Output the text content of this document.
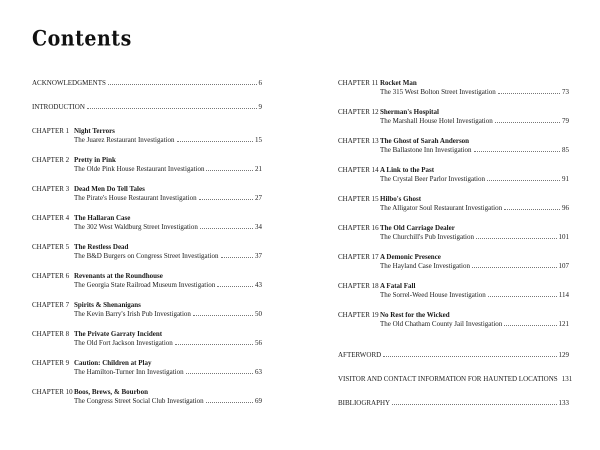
Contents
ACKNOWLEDGMENTS	6
INTRODUCTION	9
CHAPTER 1 Night Terrors
The Juarez Restaurant Investigation	15
CHAPTER 2 Pretty in Pink
The Olde Pink House Restaurant Investigation	21
CHAPTER 3 Dead Men Do Tell Tales
The Pirate's House Restaurant Investigation	27
CHAPTER 4 The Hallaran Case
The 302 West Waldburg Street Investigation	34
CHAPTER 5 The Restless Dead
The B&D Burgers on Congress Street Investigation	37
CHAPTER 6 Revenants at the Roundhouse
The Georgia State Railroad Museum Investigation	43
CHAPTER 7 Spirits & Shenanigans
The Kevin Barry's Irish Pub Investigation	50
CHAPTER 8 The Private Garraty Incident
The Old Fort Jackson Investigation	56
CHAPTER 9 Caution: Children at Play
The Hamilton-Turner Inn Investigation	63
CHAPTER 10 Boos, Brews, & Bourbon
The Congress Street Social Club Investigation	69
CHAPTER 11 Rocket Man
The 315 West Bolton Street Investigation	73
CHAPTER 12 Sherman's Hospital
The Marshall House Hotel Investigation	79
CHAPTER 13 The Ghost of Sarah Anderson
The Ballastone Inn Investigation	85
CHAPTER 14 A Link to the Past
The Crystal Beer Parlor Investigation	91
CHAPTER 15 Hilbo's Ghost
The Alligator Soul Restaurant Investigation	96
CHAPTER 16 The Old Carriage Dealer
The Churchill's Pub Investigation	101
CHAPTER 17 A Demonic Presence
The Hayland Case Investigation	107
CHAPTER 18 A Fatal Fall
The Sorrel-Weed House Investigation	114
CHAPTER 19 No Rest for the Wicked
The Old Chatham County Jail Investigation	121
AFTERWORD	129
VISITOR AND CONTACT INFORMATION FOR HAUNTED LOCATIONS 131
BIBLIOGRAPHY	133
